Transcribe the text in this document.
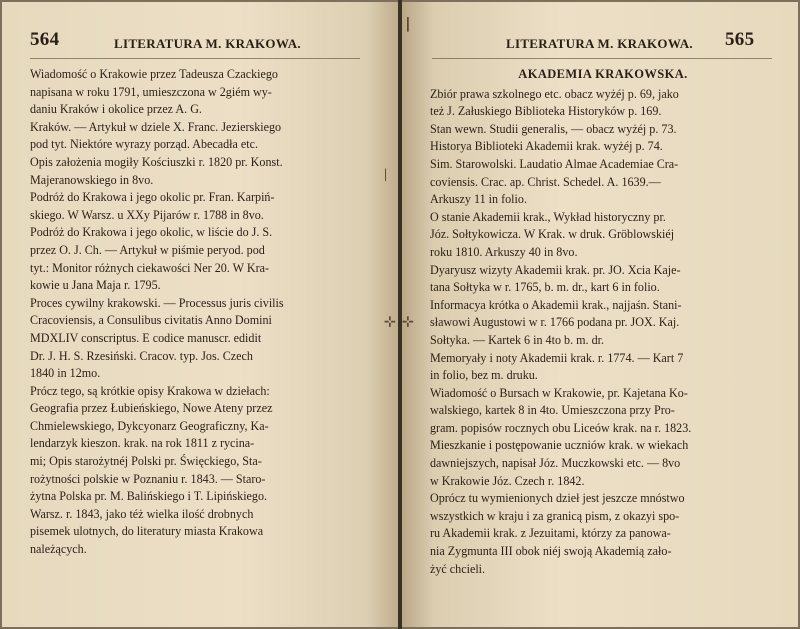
564	LITERATURA M. KRAKOWA.
Wiadomość o Krakowie przez Tadeusza Czackiego
napisana w roku 1791, umieszczona w 2giém wy-
daniu Kraków i okolice przez A. G.
Kraków. — Artykuł w dziele X. Franc. Jezierskiego
pod tyt. Niektóre wyrazy porząd. Abecadła etc.
Opis założenia mogiły Kościuszki r. 1820 pr. Konst.
Majeranowskiego in 8vo.
Podróż do Krakowa i jego okolic pr. Fran. Karpiń-
skiego. W Warsz. u XXy Pijarów r. 1788 in 8vo.
Podróż do Krakowa i jego okolic, w liście do J. S.
przez O. J. Ch. — Artykuł w piśmie peryod. pod
tyt.: Monitor różnych ciekawości Ner 20. W Kra-
kowie u Jana Maja r. 1795.
Proces cywilny krakowski. — Processus juris civilis
Cracoviensis, a Consulibus civitatis Anno Domini
MDXLIV conscriptus. E codice manuscr. edidit
Dr. J. H. S. Rzesiński. Cracov. typ. Jos. Czech
1840 in 12mo.
Prócz tego, są krótkie opisy Krakowa w dziełach:
Geografia przez Łubieńskiego, Nowe Ateny przez
Chmielewskiego, Dykcyonarz Geograficzny, Ka-
lendarzyk kieszon. krak. na rok 1811 z rycina-
mi; Opis starożytnéj Polski pr. Święckiego, Sta-
rożytności polskie w Poznaniu r. 1843. — Staro-
żytna Polska pr. M. Balińskiego i T. Lipińskiego.
Warsz. r. 1843, jako téż wielka ilość drobnych
pisemek ulotnych, do literatury miasta Krakowa
należących.
|
⊹
LITERATURA M. KRAKOWA. 565
AKADEMIA KRAKOWSKA.
Zbiór prawa szkolnego etc. obacz wyżéj p. 69, jako
też J. Załuskiego Biblioteka Historyków p. 169.
Stan wewn. Studii generalis, — obacz wyżéj p. 73.
Historya Biblioteki Akademii krak. wyżéj p. 74.
Sim. Starowolski. Laudatio Almae Academiae Cra-
coviensis. Crac. ap. Christ. Schedel. A. 1639.—
Arkuszy 11 in folio.
O stanie Akademii krak., Wykład historyczny pr.
Józ. Sołtykowicza. W Krak. w druk. Gröblowskiéj
roku 1810. Arkuszy 40 in 8vo.
Dyaryusz wizyty Akademii krak. pr. JO. Xcia Kaje-
tana Sołtyka w r. 1765, b. m. dr., kart 6 in folio.
Informacya krótka o Akademii krak., najjaśn. Stani-
sławowi Augustowi w r. 1766 podana pr. JOX. Kaj.
Sołtyka. — Kartek 6 in 4to b. m. dr.
Memoryały i noty Akademii krak. r. 1774. — Kart 7
in folio, bez m. druku.
Wiadomość o Bursach w Krakowie, pr. Kajetana Ko-
walskiego, kartek 8 in 4to. Umieszczona przy Pro-
gram. popisów rocznych obu Liceów krak. na r. 1823.
Mieszkanie i postępowanie uczniów krak. w wiekach
dawniejszych, napisał Józ. Muczkowski etc. — 8vo
w Krakowie Józ. Czech r. 1842.
Oprócz tu wymienionych dzieł jest jeszcze mnóstwo
wszystkich w kraju i za granicą pism, z okazyi spo-
ru Akademii krak. z Jezuitami, którzy za panowa-
nia Zygmunta III obok niéj swoją Akademią zało-
żyć chcieli.
❘
⊹
